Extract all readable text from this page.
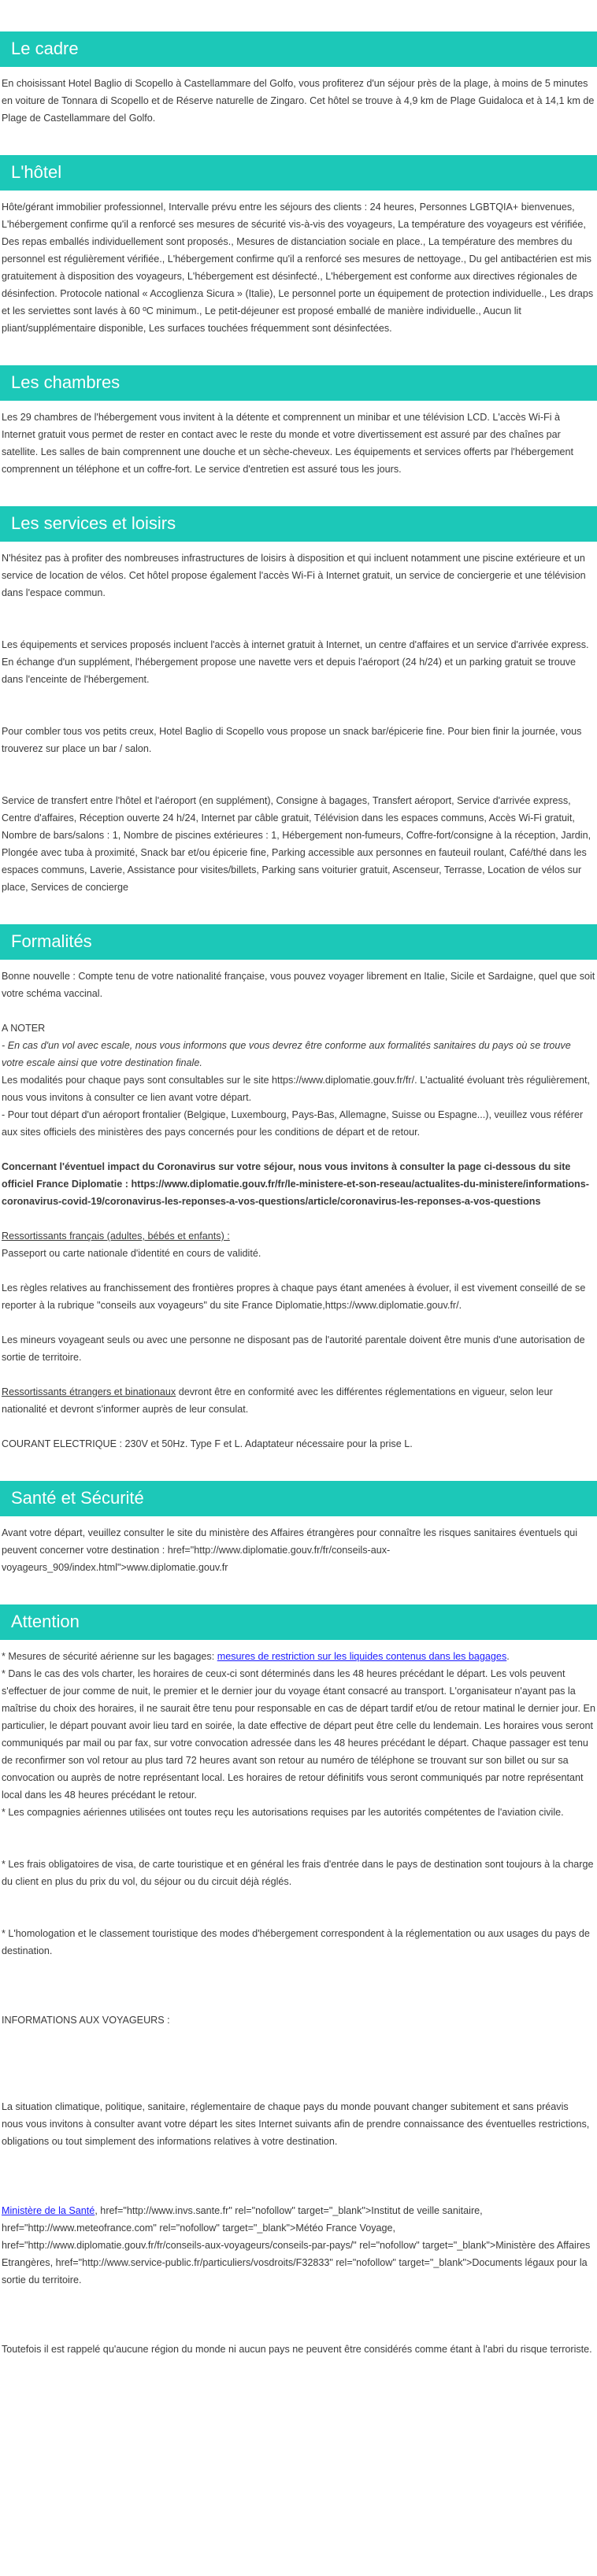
Le cadre

En choisissant Hotel Baglio di Scopello à Castellammare del Golfo, vous profiterez d'un séjour près de la plage, à moins de 5 minutes en voiture de Tonnara di Scopello et de Réserve naturelle de Zingaro. Cet hôtel se trouve à 4,9 km de Plage Guidaloca et à 14,1 km de Plage de Castellammare del Golfo.

L'hôtel

Hôte/gérant immobilier professionnel, Intervalle prévu entre les séjours des clients : 24 heures, Personnes LGBTQIA+ bienvenues, L'hébergement confirme qu'il a renforcé ses mesures de sécurité vis-à-vis des voyageurs, La température des voyageurs est vérifiée, Des repas emballés individuellement sont proposés., Mesures de distanciation sociale en place., La température des membres du personnel est régulièrement vérifiée., L'hébergement confirme qu'il a renforcé ses mesures de nettoyage., Du gel antibactérien est mis gratuitement à disposition des voyageurs, L'hébergement est désinfecté., L'hébergement est conforme aux directives régionales de désinfection. Protocole national « Accoglienza Sicura » (Italie), Le personnel porte un équipement de protection individuelle., Les draps et les serviettes sont lavés à 60 ºC minimum., Le petit-déjeuner est proposé emballé de manière individuelle., Aucun lit pliant/supplémentaire disponible, Les surfaces touchées fréquemment sont désinfectées.

Les chambres

Les 29 chambres de l'hébergement vous invitent à la détente et comprennent un minibar et une télévision LCD. L'accès Wi-Fi à Internet gratuit vous permet de rester en contact avec le reste du monde et votre divertissement est assuré par des chaînes par satellite. Les salles de bain comprennent une douche et un sèche-cheveux. Les équipements et services offerts par l'hébergement comprennent un téléphone et un coffre-fort. Le service d'entretien est assuré tous les jours.

Les services et loisirs

N'hésitez pas à profiter des nombreuses infrastructures de loisirs à disposition et qui incluent notamment une piscine extérieure et un service de location de vélos. Cet hôtel propose également l'accès Wi-Fi à Internet gratuit, un service de conciergerie et une télévision dans l'espace commun.

Les équipements et services proposés incluent l'accès à internet gratuit à Internet, un centre d'affaires et un service d'arrivée express. En échange d'un supplément, l'hébergement propose une navette vers et depuis l'aéroport (24 h/24) et un parking gratuit se trouve dans l'enceinte de l'hébergement.

Pour combler tous vos petits creux, Hotel Baglio di Scopello vous propose un snack bar/épicerie fine. Pour bien finir la journée, vous trouverez sur place un bar / salon.

Service de transfert entre l'hôtel et l'aéroport (en supplément), Consigne à bagages, Transfert aéroport, Service d'arrivée express, Centre d'affaires, Réception ouverte 24 h/24, Internet par câble gratuit, Télévision dans les espaces communs, Accès Wi-Fi gratuit, Nombre de bars/salons : 1, Nombre de piscines extérieures : 1, Hébergement non-fumeurs, Coffre-fort/consigne à la réception, Jardin, Plongée avec tuba à proximité, Snack bar et/ou épicerie fine, Parking accessible aux personnes en fauteuil roulant, Café/thé dans les espaces communs, Laverie, Assistance pour visites/billets, Parking sans voiturier gratuit, Ascenseur, Terrasse, Location de vélos sur place, Services de concierge

Formalités

Bonne nouvelle : Compte tenu de votre nationalité française, vous pouvez voyager librement en Italie, Sicile et Sardaigne, quel que soit votre schéma vaccinal.

A NOTER

- En cas d'un vol avec escale, nous vous informons que vous devrez être conforme aux formalités sanitaires du pays où se trouve votre escale ainsi que votre destination finale.

Les modalités pour chaque pays sont consultables sur le site https://www.diplomatie.gouv.fr/fr/. L'actualité évoluant très régulièrement, nous vous invitons à consulter ce lien avant votre départ.

- Pour tout départ d'un aéroport frontalier (Belgique, Luxembourg, Pays-Bas, Allemagne, Suisse ou Espagne...), veuillez vous référer aux sites officiels des ministères des pays concernés pour les conditions de départ et de retour.

Concernant l'éventuel impact du Coronavirus sur votre séjour, nous vous invitons à consulter la page ci-dessous du site officiel France Diplomatie : https://www.diplomatie.gouv.fr/fr/le-ministere-et-son-reseau/actualites-du-ministere/informations-coronavirus-covid-19/coronavirus-les-reponses-a-vos-questions/article/coronavirus-les-reponses-a-vos-questions

Ressortissants français (adultes, bébés et enfants) :

Passeport ou carte nationale d'identité en cours de validité.

Les règles relatives au franchissement des frontières propres à chaque pays étant amenées à évoluer, il est vivement conseillé de se reporter à la rubrique "conseils aux voyageurs" du site France Diplomatie,https://www.diplomatie.gouv.fr/.

Les mineurs voyageant seuls ou avec une personne ne disposant pas de l'autorité parentale doivent être munis d'une autorisation de sortie de territoire.

Ressortissants étrangers et binationaux devront être en conformité avec les différentes réglementations en vigueur, selon leur nationalité et devront s'informer auprès de leur consulat.

COURANT ELECTRIQUE : 230V et 50Hz. Type F et L. Adaptateur nécessaire pour la prise L.

Santé et Sécurité

Avant votre départ, veuillez consulter le site du ministère des Affaires étrangères pour connaître les risques sanitaires éventuels qui peuvent concerner votre destination : href="http://www.diplomatie.gouv.fr/fr/conseils-aux-voyageurs_909/index.html">www.diplomatie.gouv.fr

Attention

* Mesures de sécurité aérienne sur les bagages: mesures de restriction sur les liquides contenus dans les bagages.

* Dans le cas des vols charter, les horaires de ceux-ci sont déterminés dans les 48 heures précédant le départ. Les vols peuvent s'effectuer de jour comme de nuit, le premier et le dernier jour du voyage étant consacré au transport. L'organisateur n'ayant pas la maîtrise du choix des horaires, il ne saurait être tenu pour responsable en cas de départ tardif et/ou de retour matinal le dernier jour. En particulier, le départ pouvant avoir lieu tard en soirée, la date effective de départ peut être celle du lendemain. Les horaires vous seront communiqués par mail ou par fax, sur votre convocation adressée dans les 48 heures précédant le départ. Chaque passager est tenu de reconfirmer son vol retour au plus tard 72 heures avant son retour au numéro de téléphone se trouvant sur son billet ou sur sa convocation ou auprès de notre représentant local. Les horaires de retour définitifs vous seront communiqués par notre représentant local dans les 48 heures précédant le retour.

* Les compagnies aériennes utilisées ont toutes reçu les autorisations requises par les autorités compétentes de l'aviation civile.

* Les frais obligatoires de visa, de carte touristique et en général les frais d'entrée dans le pays de destination sont toujours à la charge du client en plus du prix du vol, du séjour ou du circuit déjà réglés.

* L'homologation et le classement touristique des modes d'hébergement correspondent à la réglementation ou aux usages du pays de destination.

INFORMATIONS AUX VOYAGEURS :

La situation climatique, politique, sanitaire, réglementaire de chaque pays du monde pouvant changer subitement et sans préavis
nous vous invitons à consulter avant votre départ les sites Internet suivants afin de prendre connaissance des éventuelles restrictions, obligations ou tout simplement des informations relatives à votre destination.

Ministère de la Santé, href="http://www.invs.sante.fr" rel="nofollow" target="_blank">Institut de veille sanitaire, href="http://www.meteofrance.com" rel="nofollow" target="_blank">Météo France Voyage, href="http://www.diplomatie.gouv.fr/fr/conseils-aux-voyageurs/conseils-par-pays/" rel="nofollow" target="_blank">Ministère des Affaires Etrangères, href="http://www.service-public.fr/particuliers/vosdroits/F32833" rel="nofollow" target="_blank">Documents légaux pour la sortie du territoire.

Toutefois il est rappelé qu'aucune région du monde ni aucun pays ne peuvent être considérés comme étant à l'abri du risque terroriste.
